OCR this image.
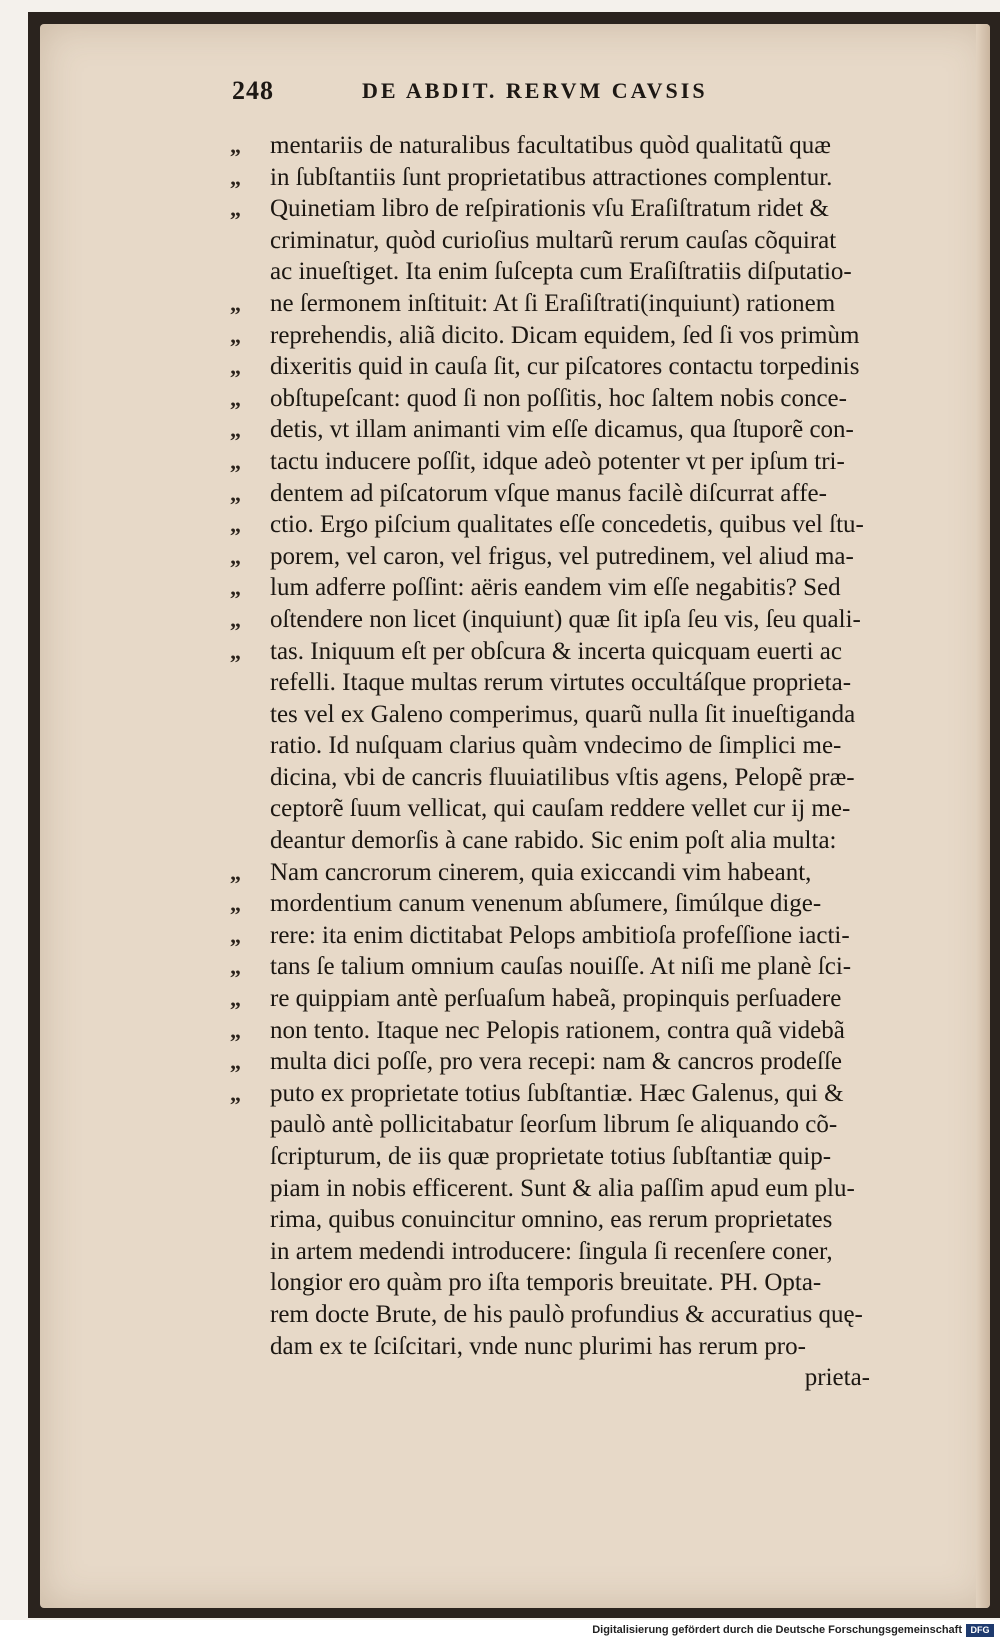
248	DE ABDIT. RERVM CAVSIS
„	mentariis de naturalibus facultatibus quòd qualitatũ quæ
„	in ſubſtantiis ſunt proprietatibus attractiones complentur.
„	Quinetiam libro de reſpirationis vſu Eraſiſtratum ridet &
criminatur, quòd curioſius multarũ rerum cauſas cõquirat
ac inueſtiget. Ita enim ſuſcepta cum Eraſiſtratiis diſputatio-
„	ne ſermonem inſtituit: At ſi Eraſiſtrati(inquiunt) rationem
„	reprehendis, aliã dicito. Dicam equidem, ſed ſi vos primùm
„	dixeritis quid in cauſa ſit, cur piſcatores contactu torpedinis
„	obſtupeſcant: quod ſi non poſſitis, hoc ſaltem nobis conce-
„	detis, vt illam animanti vim eſſe dicamus, qua ſtuporẽ con-
„	tactu inducere poſſit, idque adeò potenter vt per ipſum tri-
„	dentem ad piſcatorum vſque manus facilè diſcurrat affe-
„	ctio. Ergo piſcium qualitates eſſe concedetis, quibus vel ſtu-
„	porem, vel caron, vel frigus, vel putredinem, vel aliud ma-
„	lum adferre poſſint: aëris eandem vim eſſe negabitis? Sed
„	oſtendere non licet (inquiunt) quæ ſit ipſa ſeu vis, ſeu quali-
„	tas. Iniquum eſt per obſcura & incerta quicquam euerti ac
refelli. Itaque multas rerum virtutes occultáſque proprieta-
tes vel ex Galeno comperimus, quarũ nulla ſit inueſtiganda
ratio. Id nuſquam clarius quàm vndecimo de ſimplici me-
dicina, vbi de cancris fluuiatilibus vſtis agens, Pelopẽ præ-
ceptorẽ ſuum vellicat, qui cauſam reddere vellet cur ij me-
deantur demorſis à cane rabido. Sic enim poſt alia multa:
„	Nam cancrorum cinerem, quia exiccandi vim habeant,
„	mordentium canum venenum abſumere, ſimúlque dige-
„	rere: ita enim dictitabat Pelops ambitioſa profeſſione iacti-
„	tans ſe talium omnium cauſas nouiſſe. At niſi me planè ſci-
„	re quippiam antè perſuaſum habeã, propinquis perſuadere
„	non tento. Itaque nec Pelopis rationem, contra quã videbã
„	multa dici poſſe, pro vera recepi: nam & cancros prodeſſe
„	puto ex proprietate totius ſubſtantiæ. Hæc Galenus, qui &
paulò antè pollicitabatur ſeorſum librum ſe aliquando cõ-
ſcripturum, de iis quæ proprietate totius ſubſtantiæ quip-
piam in nobis efficerent. Sunt & alia paſſim apud eum plu-
rima, quibus conuincitur omnino, eas rerum proprietates
in artem medendi introducere: ſingula ſi recenſere coner,
longior ero quàm pro iſta temporis breuitate. PH. Opta-
rem docte Brute, de his paulò profundius & accuratius quę-
dam ex te ſciſcitari, vnde nunc plurimi has rerum pro-
prieta-
Digitalisierung gefördert durch die Deutsche Forschungsgemeinschaft DFG
